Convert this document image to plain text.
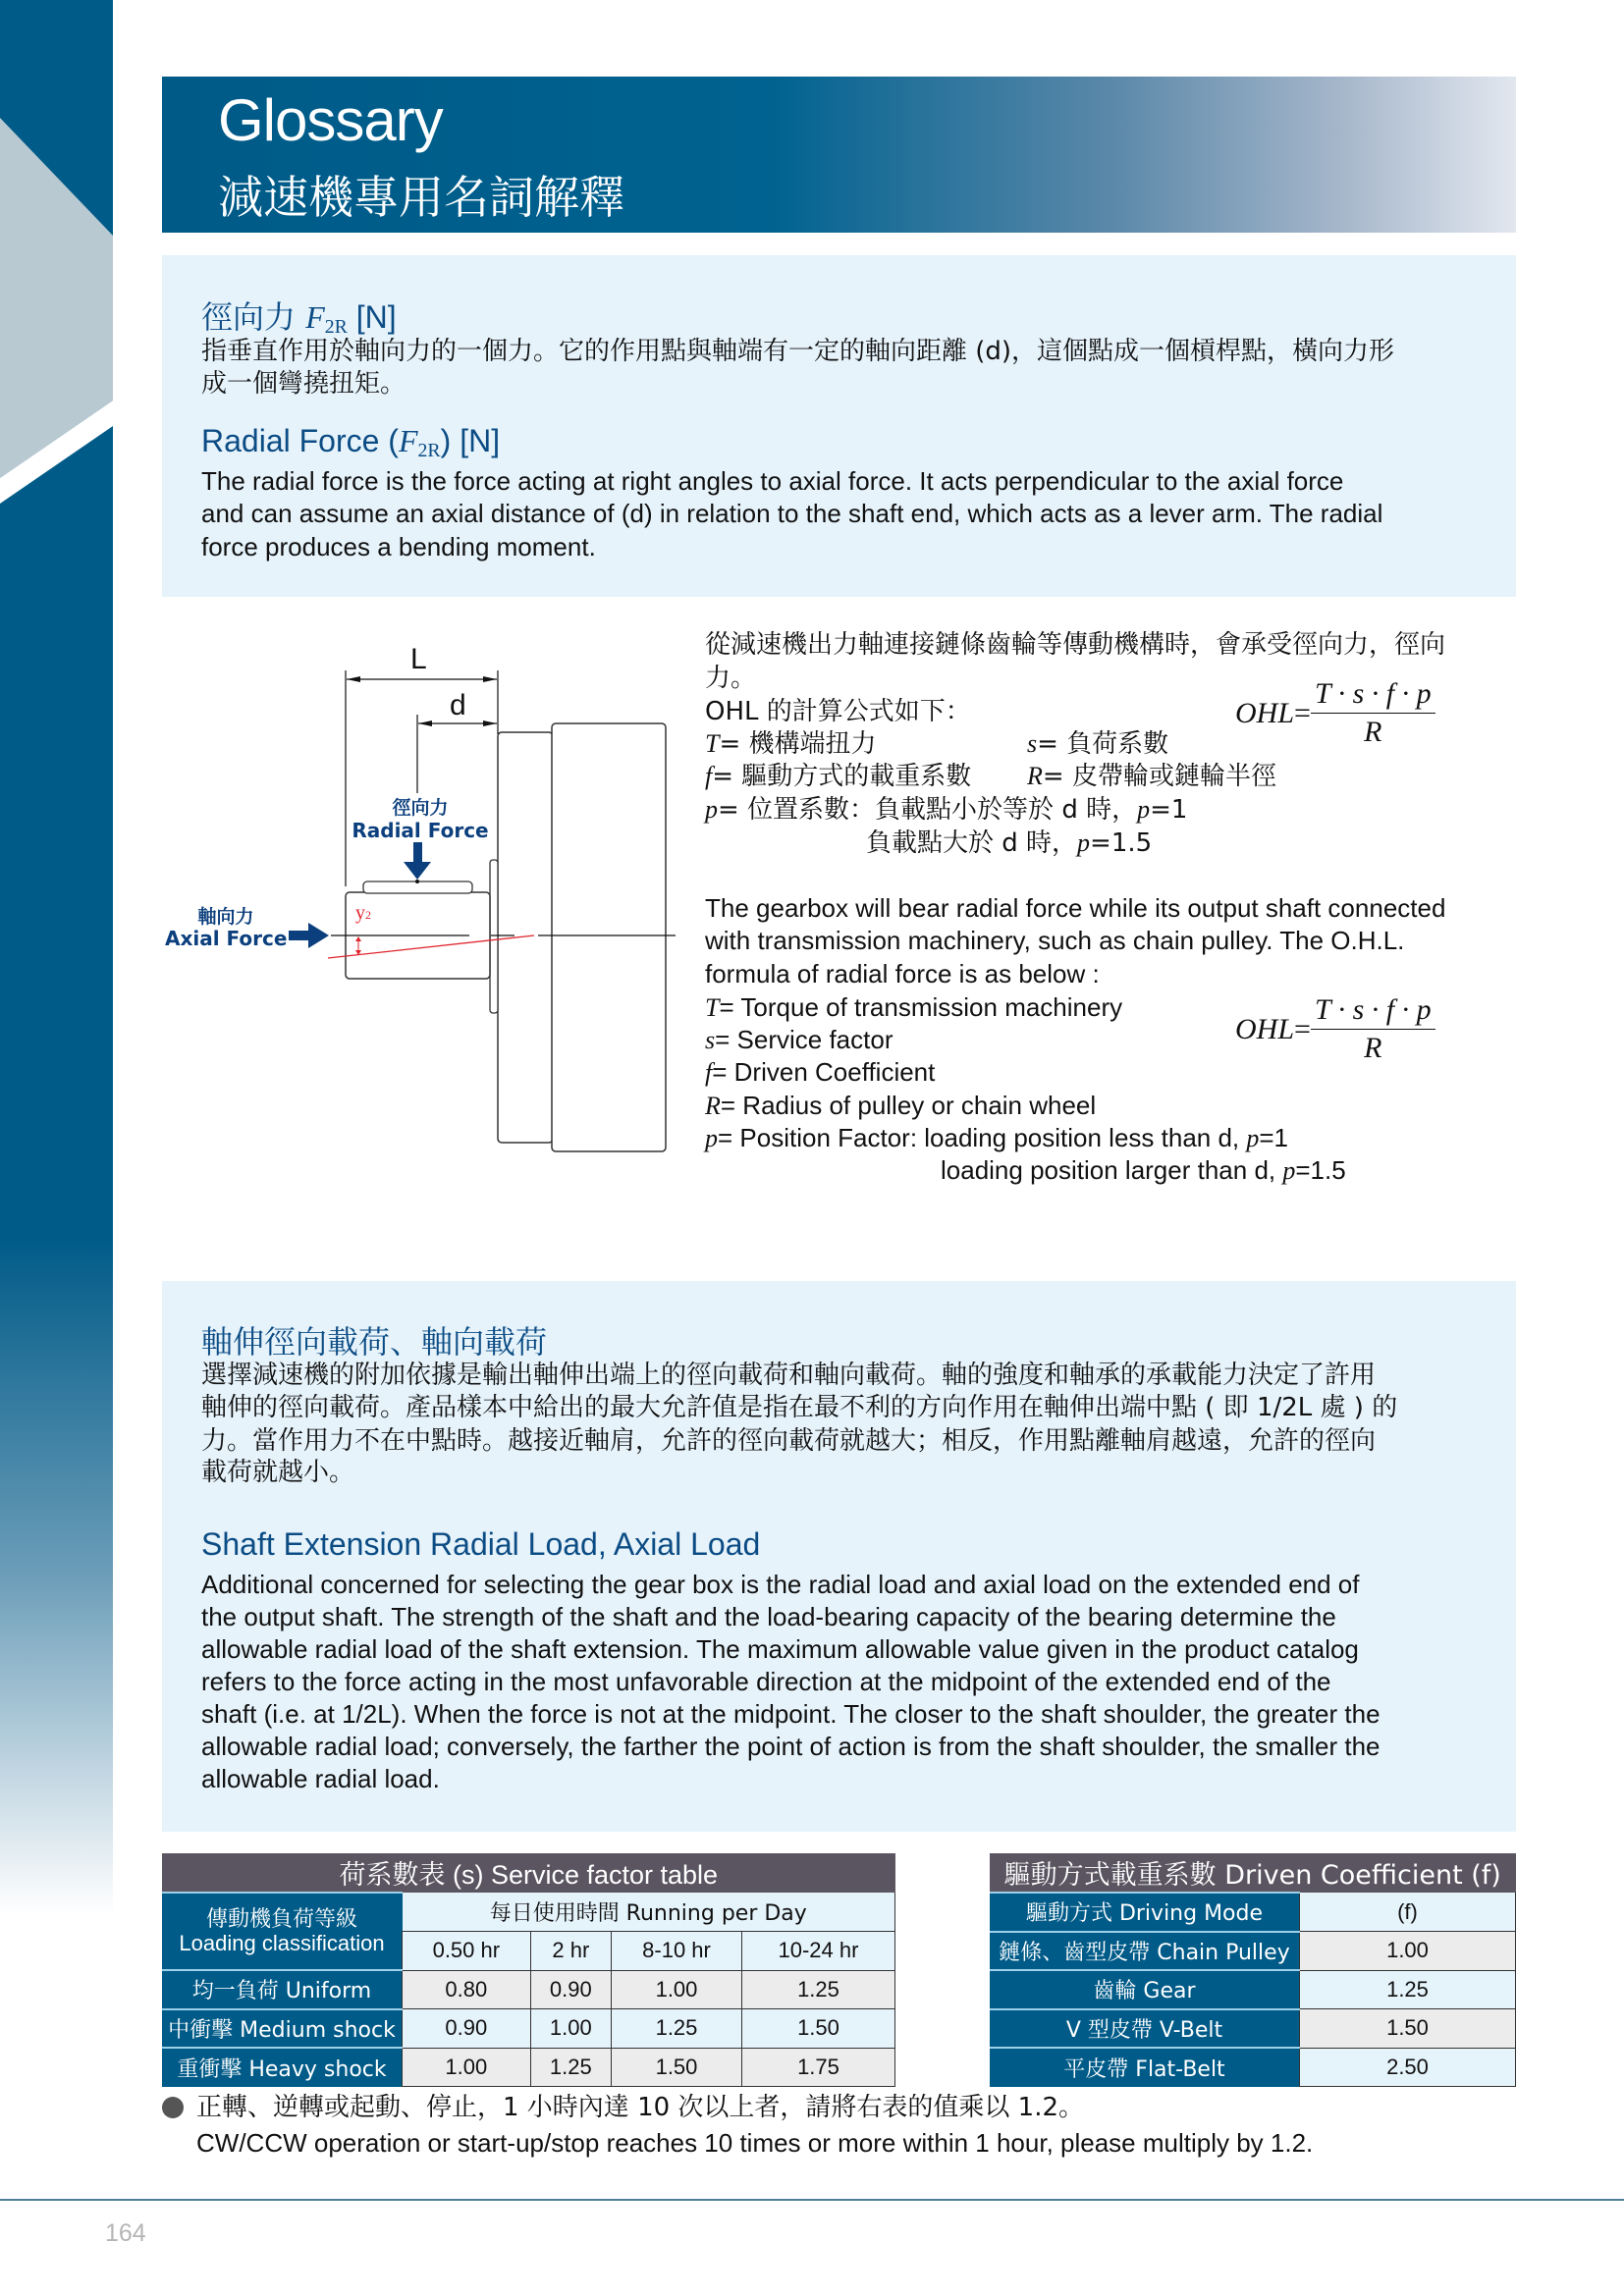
Glossary
減速機專用名詞解釋
徑向力 $F_{2R}$ [N]
指垂直作用於軸向力的一個力。它的作用點與軸端有一定的軸向距離 (d)，這個點成一個槓桿點，橫向力形
成一個彎撓扭矩。
Radial Force $(F_{2R})$ [N]
The radial force is the force acting at right angles to axial force. It acts perpendicular to the axial force
and can assume an axial distance of (d) in relation to the shaft end, which acts as a lever arm. The radial
force produces a bending moment.
L
d
徑向力
Radial Force
軸向力
Axial Force
y2
從減速機出力軸連接鏈條齒輪等傳動機構時，會承受徑向力，徑向
力。
OHL 的計算公式如下：
T= 機構端扭力	s= 負荷系數
f= 驅動方式的載重系數 R= 皮帶輪或鏈輪半徑
p= 位置系數：負載點小於等於 d 時，p=1
負載點大於 d 時，p=1.5
OHL = $\frac{T \cdot s \cdot f \cdot p}{R}$
The gearbox will bear radial force while its output shaft connected
with transmission machinery, such as chain pulley. The O.H.L.
formula of radial force is as below :
T= Torque of transmission machinery
s= Service factor
f= Driven Coefficient
R= Radius of pulley or chain wheel
p= Position Factor: loading position less than d, p=1
loading position larger than d, p=1.5
OHL = $\frac{T \cdot s \cdot f \cdot p}{R}$
軸伸徑向載荷、軸向載荷
選擇減速機的附加依據是輸出軸伸出端上的徑向載荷和軸向載荷。軸的強度和軸承的承載能力決定了許用
軸伸的徑向載荷。產品樣本中給出的最大允許值是指在最不利的方向作用在軸伸出端中點 ( 即 1/2L 處 ) 的
力。當作用力不在中點時。越接近軸肩，允許的徑向載荷就越大；相反，作用點離軸肩越遠，允許的徑向
載荷就越小。
Shaft Extension Radial Load, Axial Load
Additional concerned for selecting the gear box is the radial load and axial load on the extended end of
the output shaft. The strength of the shaft and the load-bearing capacity of the bearing determine the
allowable radial load of the shaft extension. The maximum allowable value given in the product catalog
refers to the force acting in the most unfavorable direction at the midpoint of the extended end of the
shaft (i.e. at 1/2L). When the force is not at the midpoint. The closer to the shaft shoulder, the greater the
allowable radial load; conversely, the farther the point of action is from the shaft shoulder, the smaller the
allowable radial load.
荷系數表 (s) Service factor table				

傳動機負荷等級
Loading classification	每日使用時間 Running per Day			
	0.50 hr	2 hr	8-10 hr	10-24 hr
均一負荷 Uniform	0.80	0.90	1.00	1.25
中衝擊 Medium shock	0.90	1.00	1.25	1.50
重衝擊 Heavy shock	1.00	1.25	1.50	1.75
驅動方式載重系數 Driven Coefficient (f)	
驅動方式 Driving Mode	(f)
鏈條、齒型皮帶 Chain Pulley	1.00
齒輪 Gear	1.25
V 型皮帶 V-Belt	1.50
平皮帶 Flat-Belt	2.50
正轉、逆轉或起動、停止，1 小時內達 10 次以上者，請將右表的值乘以 1.2。
CW/CCW operation or start-up/stop reaches 10 times or more within 1 hour, please multiply by 1.2.
164
